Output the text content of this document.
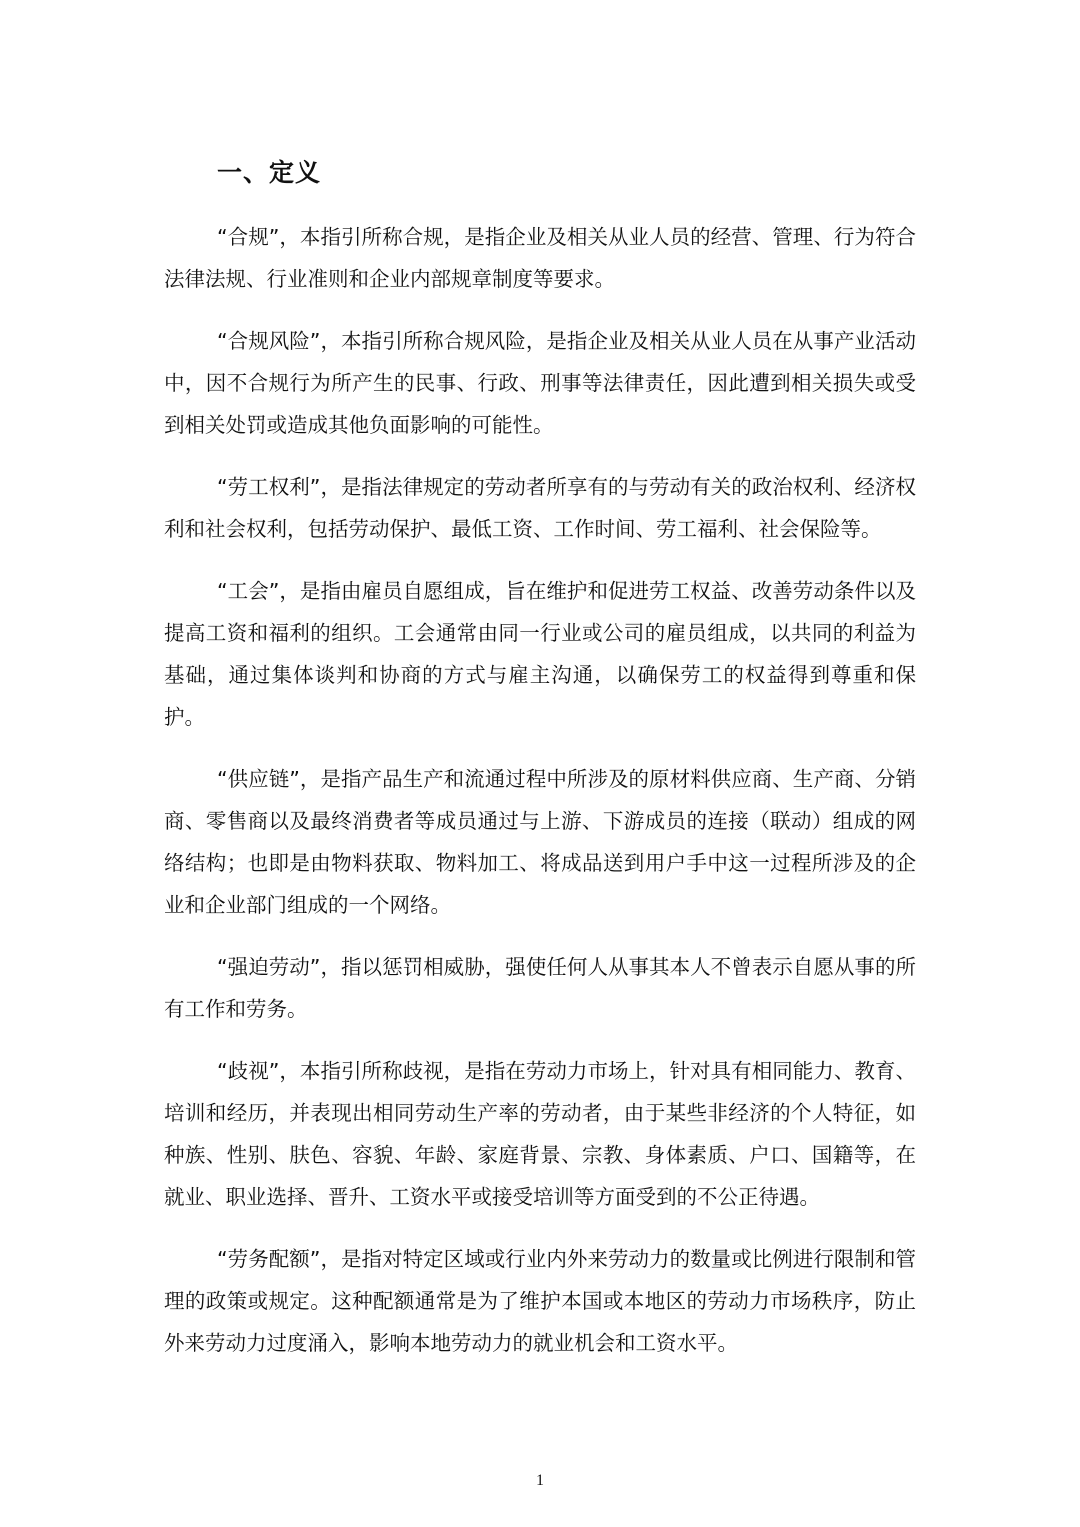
一、定义

“合规”，本指引所称合规，是指企业及相关从业人员的经营、管理、行为符合法律法规、行业准则和企业内部规章制度等要求。

“合规风险”，本指引所称合规风险，是指企业及相关从业人员在从事产业活动中，因不合规行为所产生的民事、行政、刑事等法律责任，因此遭到相关损失或受到相关处罚或造成其他负面影响的可能性。

“劳工权利”，是指法律规定的劳动者所享有的与劳动有关的政治权利、经济权利和社会权利，包括劳动保护、最低工资、工作时间、劳工福利、社会保险等。

“工会”，是指由雇员自愿组成，旨在维护和促进劳工权益、改善劳动条件以及提高工资和福利的组织。工会通常由同一行业或公司的雇员组成，以共同的利益为基础，通过集体谈判和协商的方式与雇主沟通，以确保劳工的权益得到尊重和保护。

“供应链”，是指产品生产和流通过程中所涉及的原材料供应商、生产商、分销商、零售商以及最终消费者等成员通过与上游、下游成员的连接（联动）组成的网络结构；也即是由物料获取、物料加工、将成品送到用户手中这一过程所涉及的企业和企业部门组成的一个网络。

“强迫劳动”，指以惩罚相威胁，强使任何人从事其本人不曾表示自愿从事的所有工作和劳务。

“歧视”，本指引所称歧视，是指在劳动力市场上，针对具有相同能力、教育、培训和经历，并表现出相同劳动生产率的劳动者，由于某些非经济的个人特征，如种族、性别、肤色、容貌、年龄、家庭背景、宗教、身体素质、户口、国籍等，在就业、职业选择、晋升、工资水平或接受培训等方面受到的不公正待遇。

“劳务配额”，是指对特定区域或行业内外来劳动力的数量或比例进行限制和管理的政策或规定。这种配额通常是为了维护本国或本地区的劳动力市场秩序，防止外来劳动力过度涌入，影响本地劳动力的就业机会和工资水平。

1
